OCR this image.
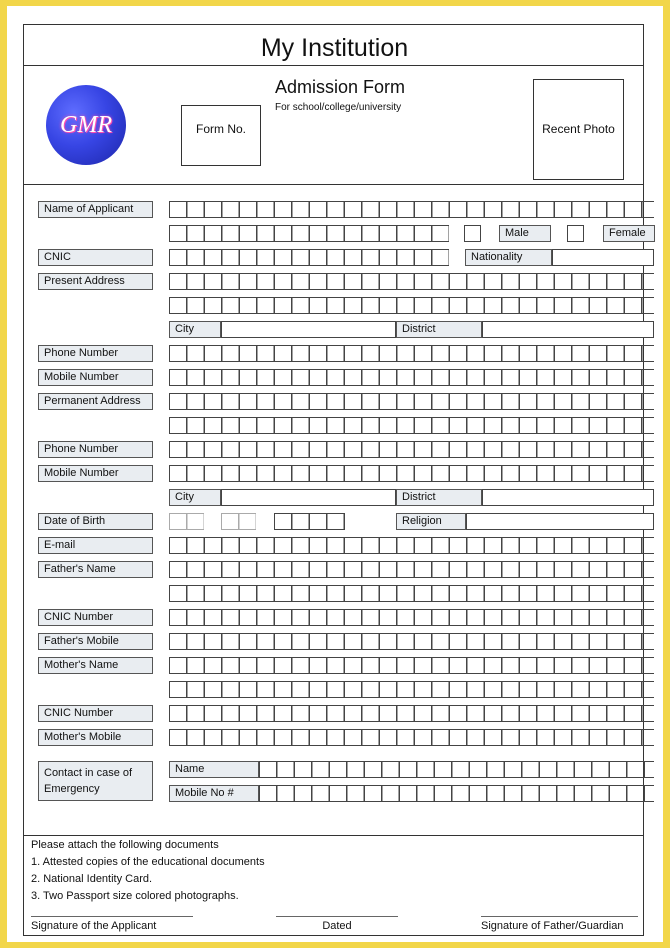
My Institution
GMR	Form No.
Admission Form
For school/college/university
Recent Photo
Name of Applicant
Male	Female
CNIC	Nationality
Present Address
City	District
Phone Number
Mobile Number
Permanent Address
Phone Number
Mobile Number
City	District
Date of Birth	Religion
E-mail
Father's Name
CNIC Number
Father's Mobile
Mother's Name
CNIC Number
Mother's Mobile
Contact in case of Emergency
Name
Mobile No #
Please attach the following documents
1. Attested copies of the educational documents
2. National Identity Card.
3. Two Passport size colored photographs.
Signature of the Applicant	Dated	Signature of Father/Guardian
